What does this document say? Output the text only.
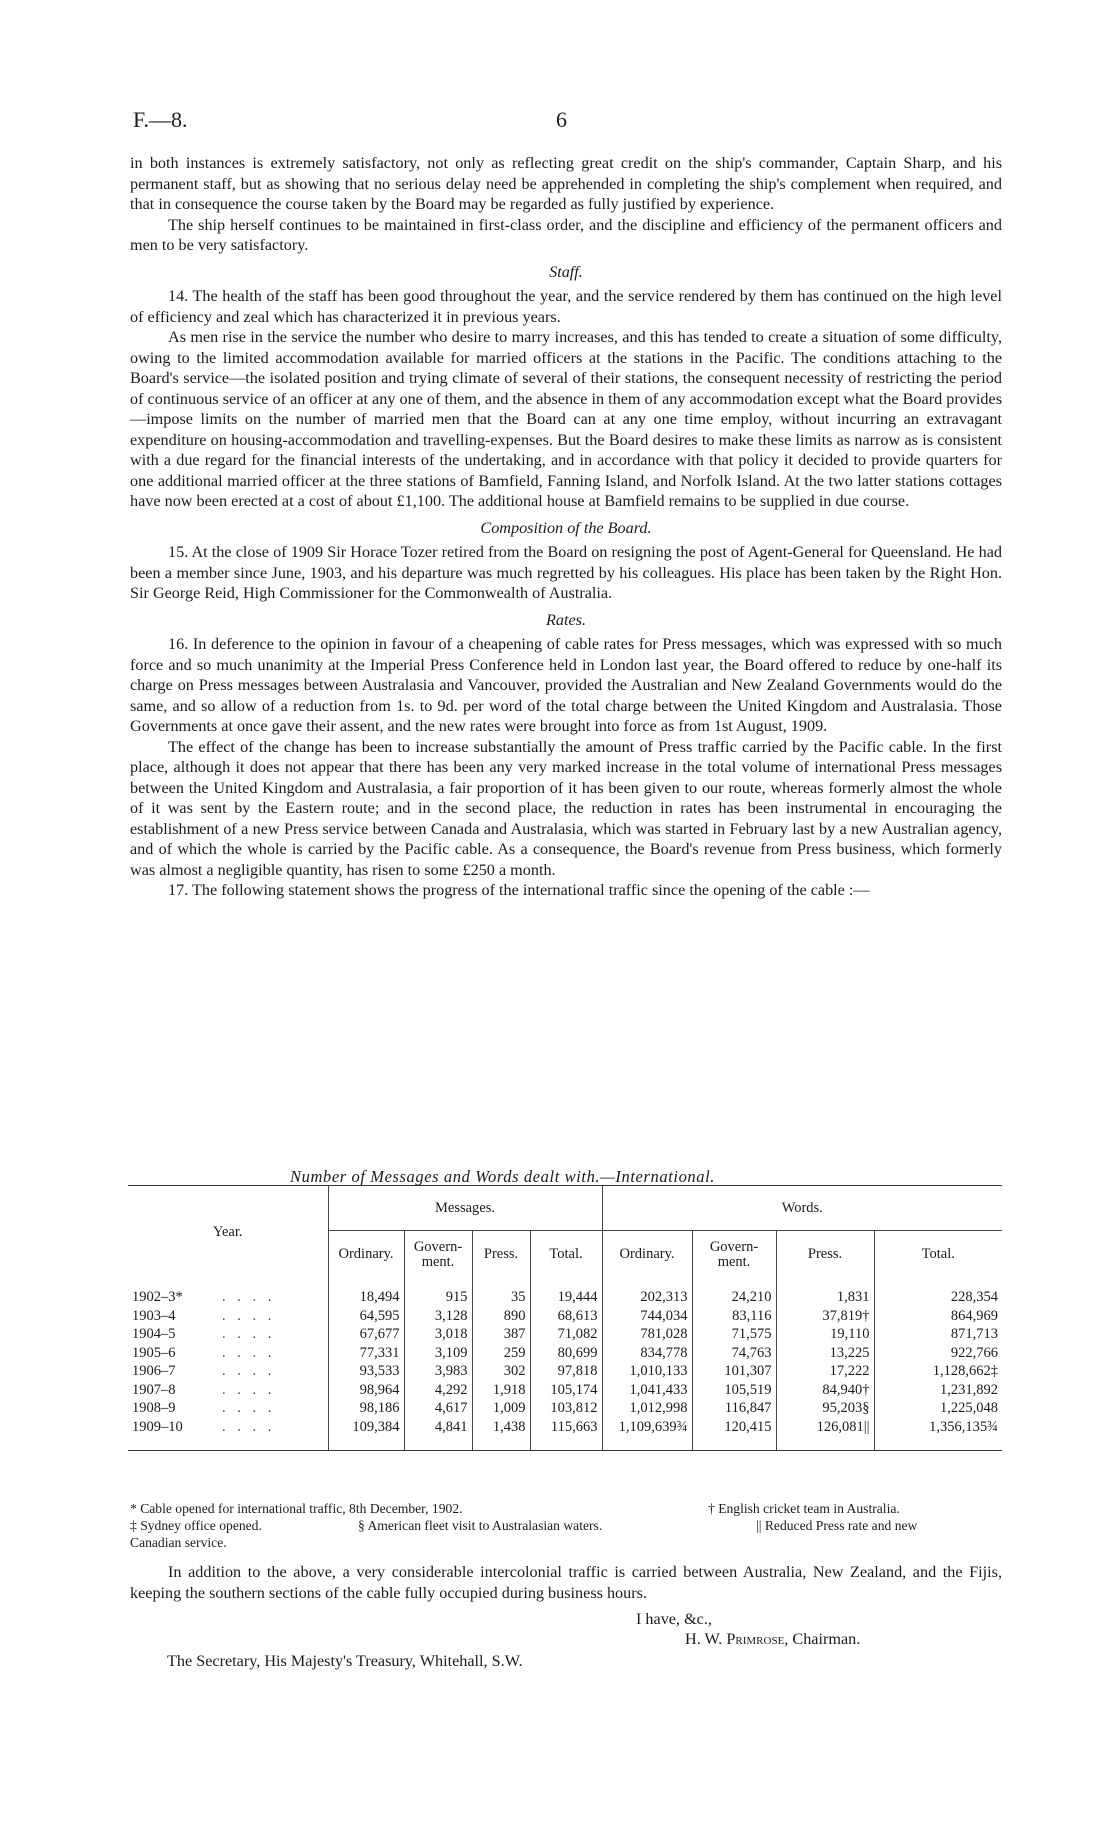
F.—8.	6

in both instances is extremely satisfactory, not only as reflecting great credit on the ship's commander, Captain Sharp, and his permanent staff, but as showing that no serious delay need be apprehended in completing the ship's complement when required, and that in consequence the course taken by the Board may be regarded as fully justified by experience.

The ship herself continues to be maintained in first-class order, and the discipline and efficiency of the permanent officers and men to be very satisfactory.

Staff.

14. The health of the staff has been good throughout the year, and the service rendered by them has continued on the high level of efficiency and zeal which has characterized it in previous years.

As men rise in the service the number who desire to marry increases, and this has tended to create a situation of some difficulty, owing to the limited accommodation available for married officers at the stations in the Pacific. The conditions attaching to the Board's service—the isolated position and trying climate of several of their stations, the consequent necessity of restricting the period of continuous service of an officer at any one of them, and the absence in them of any accommodation except what the Board provides—impose limits on the number of married men that the Board can at any one time employ, without incurring an extravagant expenditure on housing-accommodation and travelling-expenses. But the Board desires to make these limits as narrow as is consistent with a due regard for the financial interests of the undertaking, and in accordance with that policy it decided to provide quarters for one additional married officer at the three stations of Bamfield, Fanning Island, and Norfolk Island. At the two latter stations cottages have now been erected at a cost of about £1,100. The additional house at Bamfield remains to be supplied in due course.

Composition of the Board.

15. At the close of 1909 Sir Horace Tozer retired from the Board on resigning the post of Agent-General for Queensland. He had been a member since June, 1903, and his departure was much regretted by his colleagues. His place has been taken by the Right Hon. Sir George Reid, High Commissioner for the Commonwealth of Australia.

Rates.

16. In deference to the opinion in favour of a cheapening of cable rates for Press messages, which was expressed with so much force and so much unanimity at the Imperial Press Conference held in London last year, the Board offered to reduce by one-half its charge on Press messages between Australasia and Vancouver, provided the Australian and New Zealand Governments would do the same, and so allow of a reduction from 1s. to 9d. per word of the total charge between the United Kingdom and Australasia. Those Governments at once gave their assent, and the new rates were brought into force as from 1st August, 1909.

The effect of the change has been to increase substantially the amount of Press traffic carried by the Pacific cable. In the first place, although it does not appear that there has been any very marked increase in the total volume of international Press messages between the United Kingdom and Australasia, a fair proportion of it has been given to our route, whereas formerly almost the whole of it was sent by the Eastern route; and in the second place, the reduction in rates has been instrumental in encouraging the establishment of a new Press service between Canada and Australasia, which was started in February last by a new Australian agency, and of which the whole is carried by the Pacific cable. As a consequence, the Board's revenue from Press business, which formerly was almost a negligible quantity, has risen to some £250 a month.

17. The following statement shows the progress of the international traffic since the opening of the cable :—

Number of Messages and Words dealt with.—International.
Year.	Messages.				Words.			
	Ordinary.	Govern-ment.	Press.	Total.	Ordinary.	Govern-ment.	Press.	Total.
1902–3* . . . .	18,494	915	35	19,444	202,313	24,210	1,831	228,354
1903–4 . . . .	64,595	3,128	890	68,613	744,034	83,116	37,819†	864,969
1904–5 . . . .	67,677	3,018	387	71,082	781,028	71,575	19,110	871,713
1905–6 . . . .	77,331	3,109	259	80,699	834,778	74,763	13,225	922,766
1906–7 . . . .	93,533	3,983	302	97,818	1,010,133	101,307	17,222	1,128,662‡
1907–8 . . . .	98,964	4,292	1,918	105,174	1,041,433	105,519	84,940†	1,231,892
1908–9 . . . .	98,186	4,617	1,009	103,812	1,012,998	116,847	95,203§	1,225,048
1909–10 . . . .	109,384	4,841	1,438	115,663	1,109,639¾	120,415	126,081||	1,356,135¾
* Cable opened for international traffic, 8th December, 1902.	† English cricket team in Australia.
‡ Sydney office opened.	§ American fleet visit to Australasian waters.	|| Reduced Press rate and new
Canadian service.

In addition to the above, a very considerable intercolonial traffic is carried between Australia, New Zealand, and the Fijis, keeping the southern sections of the cable fully occupied during business hours.

I have, &c.,
H. W. Primrose, Chairman.
The Secretary, His Majesty's Treasury, Whitehall, S.W.
